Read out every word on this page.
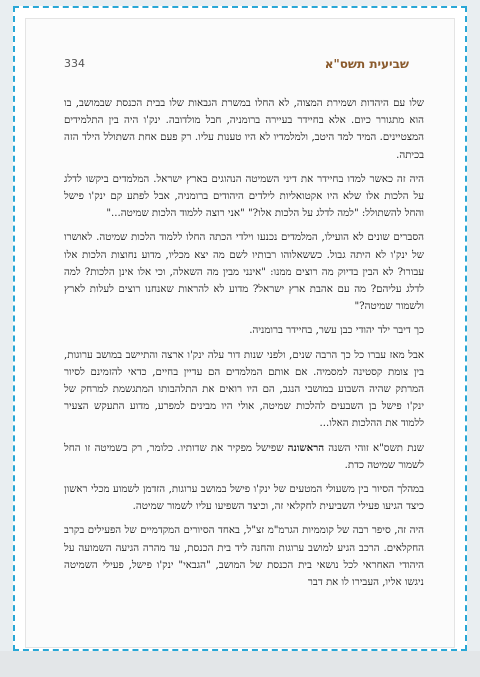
שביעית תשס"א
334

שלו עם היהדות ושמירת המצוה, לא החלו במשרת הגבאות שלו בבית הכנסת שבמושב, בו הוא מתגורר כיום. אלא בחיידר בעיירה ברומניה, חבל מולדובה. ינק'ו היה בין התלמידים המצטיינים. המיד למד היטב, ולמלמדיו לא היו טענות עליו. רק פעם אחת השתולל הילד הזה בכיתה.

היה זה כאשר למדו בחיידר את דיני השמיטה הנהוגים בארץ ישראל. המלמדים ביקשו לדלג על הלכות אלו שלא היו אקטואליות לילדים היהודים ברומניה, אבל לפתע קם ינק'ו פישל והחל להשתולל: "למה לדלג על הלכות אלו?" "אני רוצה ללמוד הלכות שמיטה..."

הסברים שונים לא הועילו, המלמדים נכנעו וילדי הכתה החלו ללמוד הלכות שמיטה. לאושרו של ינק'ו לא היתה גבול. כששאלוהו רבותיו לשם מה יצא מכליו, מדוע נחוצות הלכות אלו עבורו? לא הבין בדיוק מה רוצים ממנו: "אינני מבין מה השאלה, וכי אלו אינן הלכות? למה לדלג עליהם? מה עם אהבת ארץ ישראל? מדוע לא להראות שאנחנו רוצים לעלות לארץ ולשמור שמיטה?"

כך דיבר ילד יהודי כבן עשר, בחיידר ברומניה.

אבל מאז עברו כל כך הרבה שנים, ולפני שנות דור עלה ינק'ו ארצה והתיישב במושב ערוגות, בין צומת קסטינה למסמיה. אם אותם המלמדים הם עדיין בחיים, כדאי להזמינם לסיור המרתק שהיה השבוע במושבי הנגב, הם היו רואים את התלהבותו המתגשמת למרחק של ינק'ו פישל בן השבעים להלכות שמיטה, אולי היו מבינים למפרע, מדוע התעקש הצעיר ללמוד את ההלכות האלו...

שנת תשס"א זוהי השנה הראשונה שפישל מפקיר את שדותיו. כלומר, רק בשמיטה זו החל לשמור שמיטה כדת.

במהלך הסיור בין משעולי המטעים של ינק'ו פישל במושב ערוגות, הזדמן לשמוע מכלי ראשון כיצד הגיעו פעילי השביעית לחקלאי זה, וכיצד השפיעו עליו לשמור שמיטה.

היה זה, סיפר רבה של קוממיות הגרמ"מ זצ"ל, באחד הסיורים המקדמיים של הפעילים בקרב החקלאים. הרכב הגיע למושב ערוגות והחנה ליד בית הכנסת, עד מהרה הגיעה השמועה על היהודי האחראי לכל נושאי בית הכנסת של המושב, "הגבאי" ינק'ו פישל, פעילי השמיטה ניגשו אליו, העבירו לו את דבר
